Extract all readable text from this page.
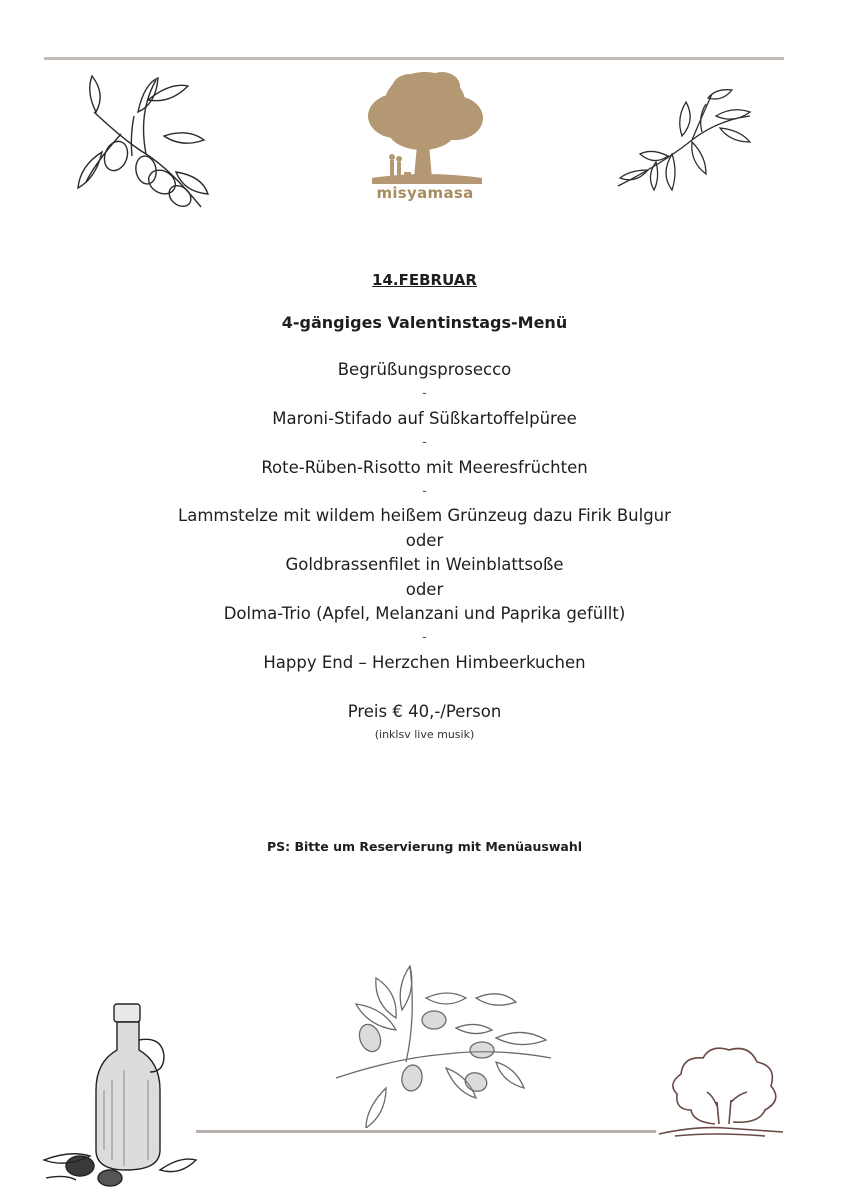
misyamasa
14.FEBRUAR
4-gängiges Valentinstags-Menü
Begrüßungsprosecco
-
Maroni-Stifado auf Süßkartoffelpüree
-
Rote-Rüben-Risotto mit Meeresfrüchten
-
Lammstelze mit wildem heißem Grünzeug dazu Firik Bulgur
oder
Goldbrassenfilet in Weinblattsoße
oder
Dolma-Trio (Apfel, Melanzani und Paprika gefüllt)
-
Happy End – Herzchen Himbeerkuchen
Preis € 40,-/Person
(inklsv live musik)
PS: Bitte um Reservierung mit Menüauswahl
